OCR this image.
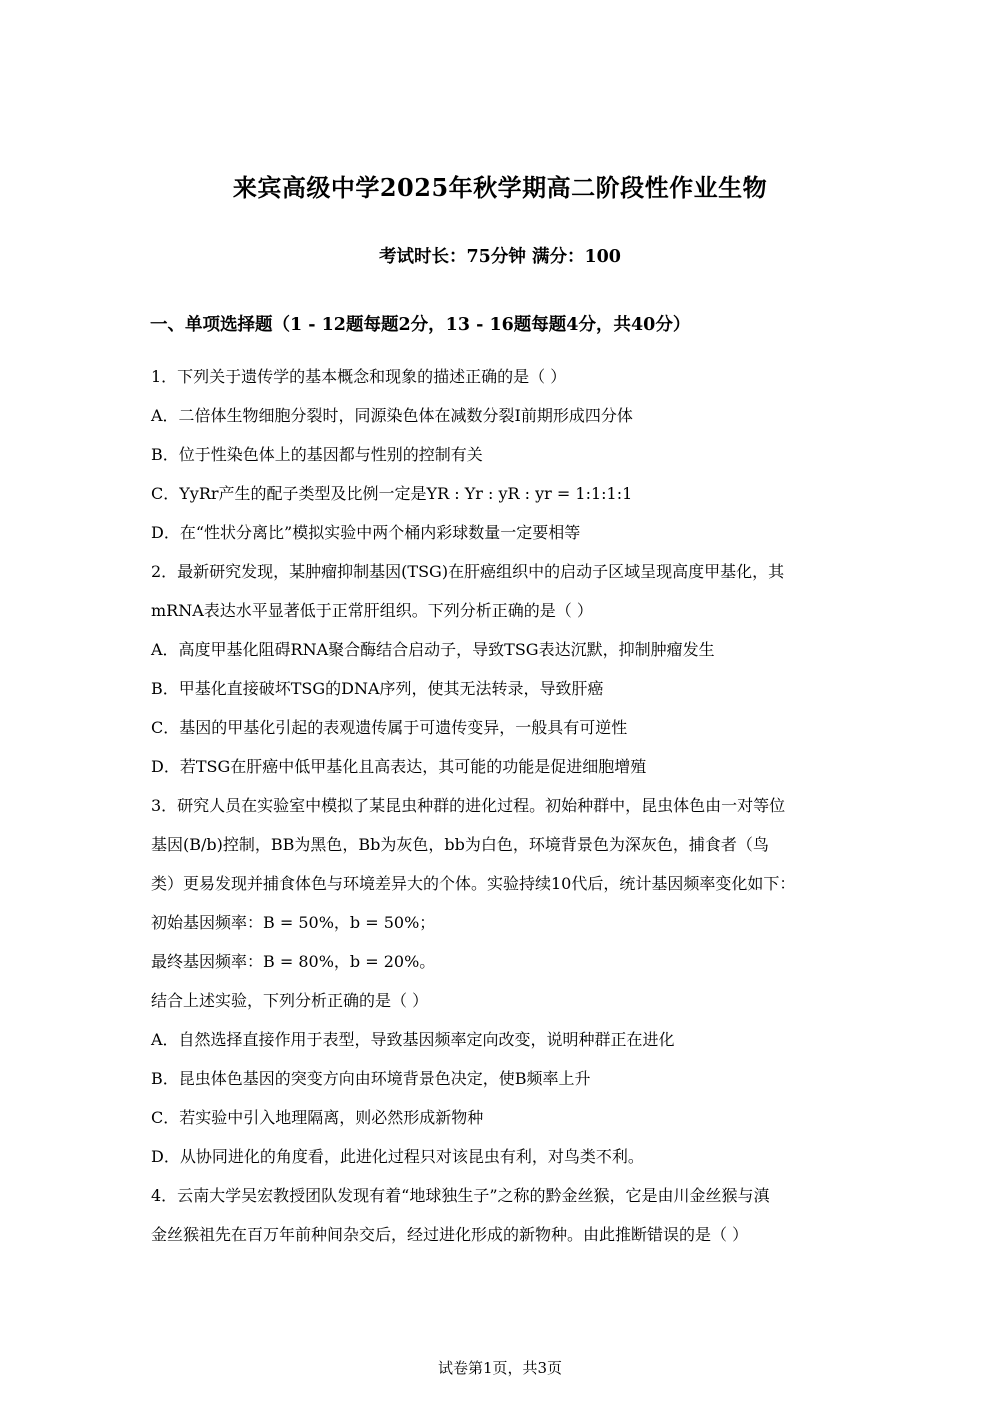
来宾高级中学2025年秋学期高二阶段性作业生物
考试时长：75分钟 满分：100
一、单项选择题（1 - 12题每题2分，13 - 16题每题4分，共40分）
1．下列关于遗传学的基本概念和现象的描述正确的是（ ）
A．二倍体生物细胞分裂时，同源染色体在减数分裂Ⅰ前期形成四分体
B．位于性染色体上的基因都与性别的控制有关
C．YyRr产生的配子类型及比例一定是YR : Yr : yR : yr = 1:1:1:1
D．在“性状分离比”模拟实验中两个桶内彩球数量一定要相等
2．最新研究发现，某肿瘤抑制基因(TSG)在肝癌组织中的启动子区域呈现高度甲基化，其
mRNA表达水平显著低于正常肝组织。下列分析正确的是（ ）
A．高度甲基化阻碍RNA聚合酶结合启动子，导致TSG表达沉默，抑制肿瘤发生
B．甲基化直接破坏TSG的DNA序列，使其无法转录，导致肝癌
C．基因的甲基化引起的表观遗传属于可遗传变异，一般具有可逆性
D．若TSG在肝癌中低甲基化且高表达，其可能的功能是促进细胞增殖
3．研究人员在实验室中模拟了某昆虫种群的进化过程。初始种群中，昆虫体色由一对等位
基因(B/b)控制，BB为黑色，Bb为灰色，bb为白色，环境背景色为深灰色，捕食者（鸟
类）更易发现并捕食体色与环境差异大的个体。实验持续10代后，统计基因频率变化如下：
初始基因频率：B = 50%，b = 50%；
最终基因频率：B = 80%，b = 20%。
结合上述实验，下列分析正确的是（ ）
A．自然选择直接作用于表型，导致基因频率定向改变，说明种群正在进化
B．昆虫体色基因的突变方向由环境背景色决定，使B频率上升
C．若实验中引入地理隔离，则必然形成新物种
D．从协同进化的角度看，此进化过程只对该昆虫有利，对鸟类不利。
4．云南大学吴宏教授团队发现有着“地球独生子”之称的黔金丝猴，它是由川金丝猴与滇
金丝猴祖先在百万年前种间杂交后，经过进化形成的新物种。由此推断错误的是（ ）
试卷第1页，共3页
